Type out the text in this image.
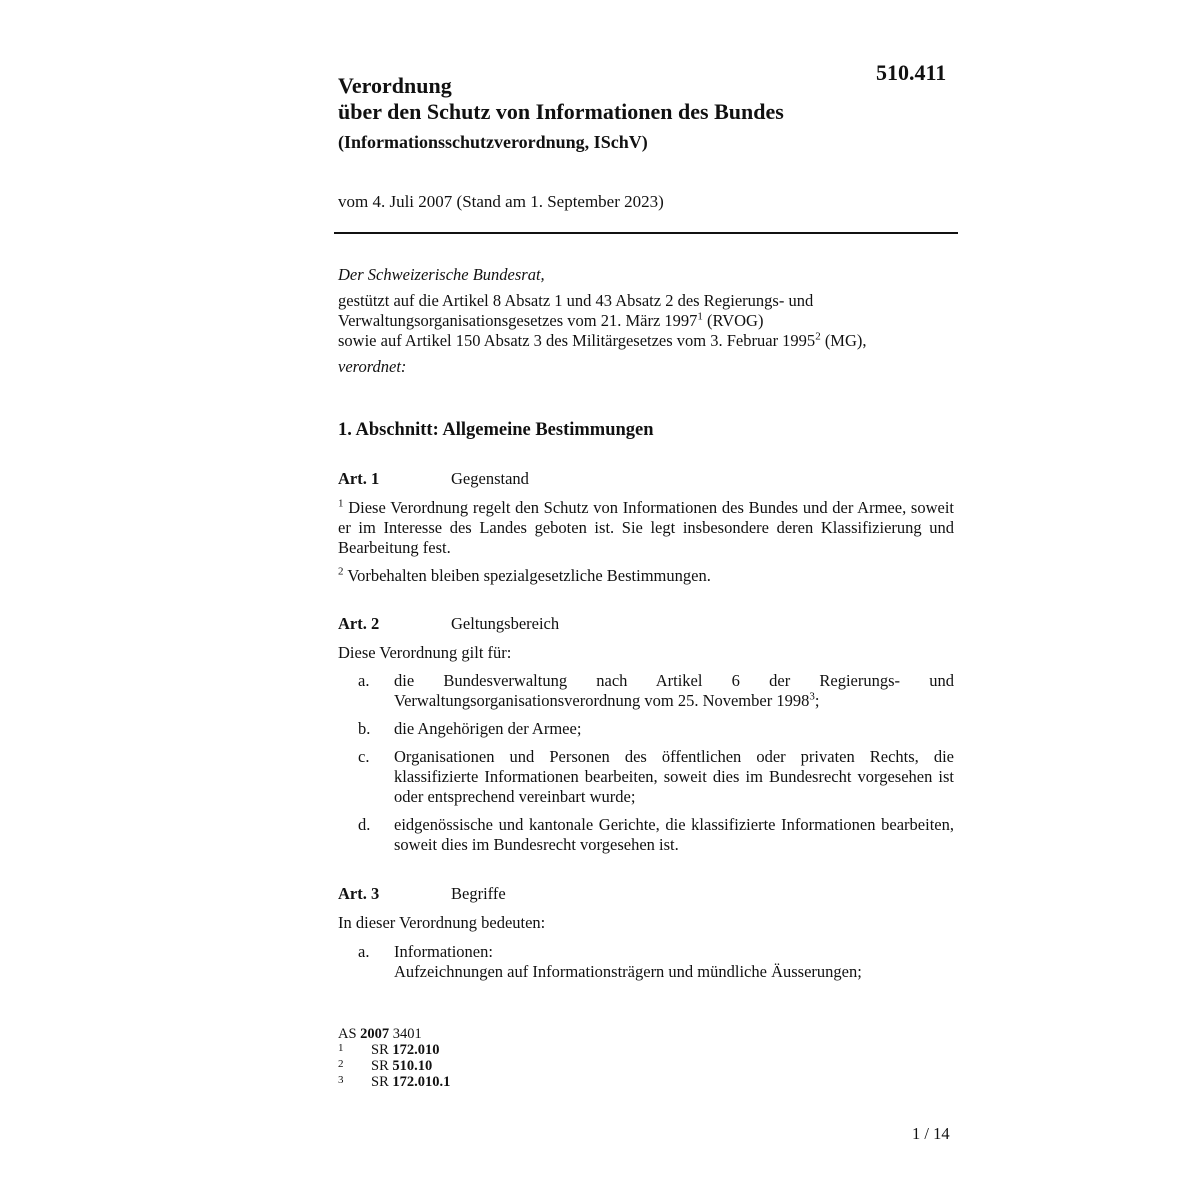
510.411
Verordnung
über den Schutz von Informationen des Bundes
(Informationsschutzverordnung, ISchV)
vom 4. Juli 2007 (Stand am 1. September 2023)

Der Schweizerische Bundesrat,

gestützt auf die Artikel 8 Absatz 1 und 43 Absatz 2 des Regierungs- und

Verwaltungsorganisationsgesetzes vom 21. März 1997$^1$ (RVOG)

sowie auf Artikel 150 Absatz 3 des Militärgesetzes vom 3. Februar 1995$^2$ (MG),

verordnet:

1. Abschnitt: Allgemeine Bestimmungen
Art. 1	Gegenstand
$^1$ Diese Verordnung regelt den Schutz von Informationen des Bundes und der Armee, soweit er im Interesse des Landes geboten ist. Sie legt insbesondere deren Klassifizierung und Bearbeitung fest.
$^2$ Vorbehalten bleiben spezialgesetzliche Bestimmungen.
Art. 2	Geltungsbereich
Diese Verordnung gilt für:
a.	die Bundesverwaltung nach Artikel 6 der Regierungs- und Verwaltungsorganisationsverordnung vom 25. November 1998$^3$;
b.	die Angehörigen der Armee;
c.	Organisationen und Personen des öffentlichen oder privaten Rechts, die klassifizierte Informationen bearbeiten, soweit dies im Bundesrecht vorgesehen ist oder entsprechend vereinbart wurde;
d.	eidgenössische und kantonale Gerichte, die klassifizierte Informationen bearbeiten, soweit dies im Bundesrecht vorgesehen ist.
Art. 3	Begriffe
In dieser Verordnung bedeuten:
a.	Informationen:
Aufzeichnungen auf Informationsträgern und mündliche Äusserungen;
AS 2007 3401
1	SR 172.010
2	SR 510.10
3	SR 172.010.1
1 / 14
